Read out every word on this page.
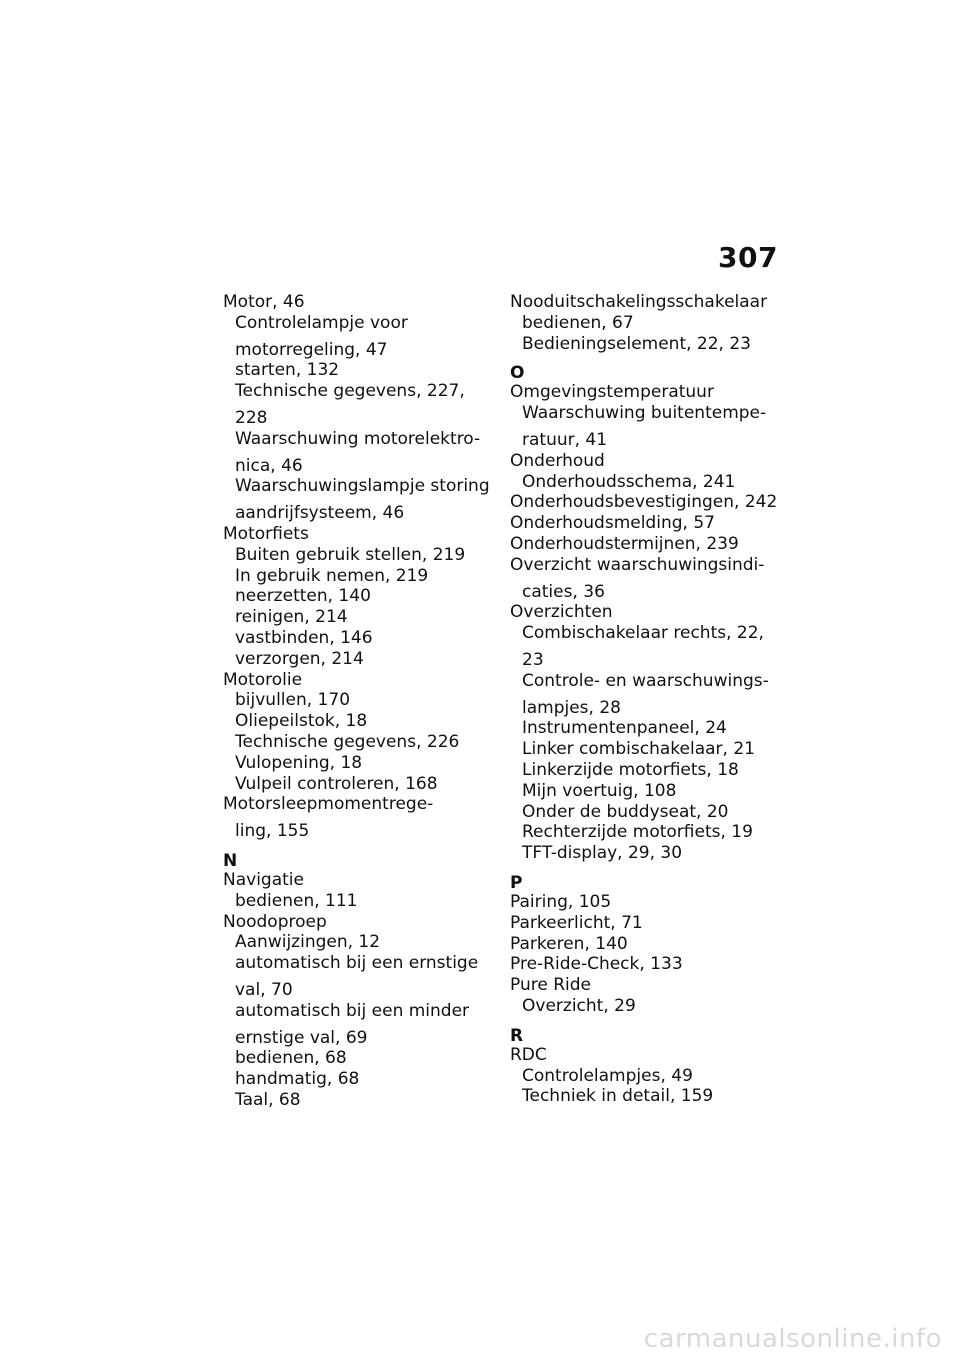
307
Motor, 46
Controlelampje voor
motorregeling, 47
starten, 132
Technische gegevens, 227,
228
Waarschuwing motorelektro-
nica, 46
Waarschuwingslampje storing
aandrijfsysteem, 46
Motorfiets
Buiten gebruik stellen, 219
In gebruik nemen, 219
neerzetten, 140
reinigen, 214
vastbinden, 146
verzorgen, 214
Motorolie
bijvullen, 170
Oliepeilstok, 18
Technische gegevens, 226
Vulopening, 18
Vulpeil controleren, 168
Motorsleepmomentrege-
ling, 155
N
Navigatie
bedienen, 111
Noodoproep
Aanwijzingen, 12
automatisch bij een ernstige
val, 70
automatisch bij een minder
ernstige val, 69
bedienen, 68
handmatig, 68
Taal, 68
Nooduitschakelingsschakelaar
bedienen, 67
Bedieningselement, 22, 23
O
Omgevingstemperatuur
Waarschuwing buitentempe-
ratuur, 41
Onderhoud
Onderhoudsschema, 241
Onderhoudsbevestigingen, 242
Onderhoudsmelding, 57
Onderhoudstermijnen, 239
Overzicht waarschuwingsindi-
caties, 36
Overzichten
Combischakelaar rechts, 22,
23
Controle- en waarschuwings-
lampjes, 28
Instrumentenpaneel, 24
Linker combischakelaar, 21
Linkerzijde motorfiets, 18
Mijn voertuig, 108
Onder de buddyseat, 20
Rechterzijde motorfiets, 19
TFT-display, 29, 30
P
Pairing, 105
Parkeerlicht, 71
Parkeren, 140
Pre-Ride-Check, 133
Pure Ride
Overzicht, 29
R
RDC
Controlelampjes, 49
Techniek in detail, 159
carmanualsonline.info
